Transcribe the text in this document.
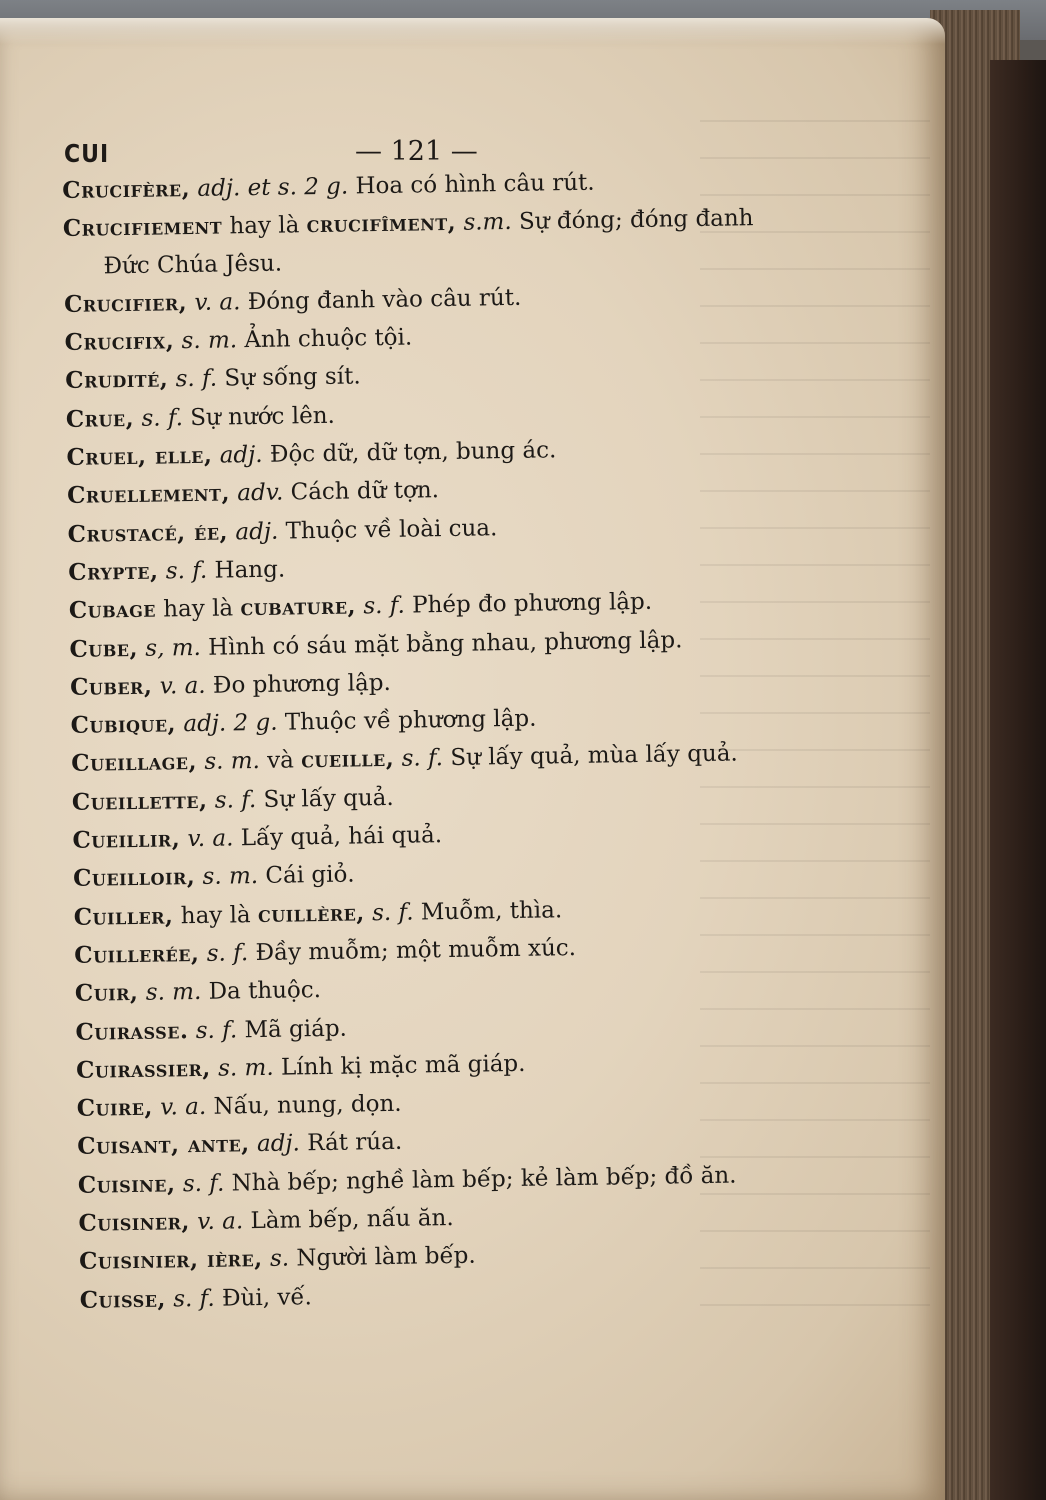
CUI	— 121 —
Crucifère, adj. et s. 2 g. Hoa có hình câu rút.
Crucifiement hay là crucifîment, s.m. Sự đóng; đóng đanh
Đức Chúa Jêsu.
Crucifier, v. a. Đóng đanh vào câu rút.
Crucifix, s. m. Ảnh chuộc tội.
Crudité, s. f. Sự sống sít.
Crue, s. f. Sự nước lên.
Cruel, elle, adj. Độc dữ, dữ tợn, bung ác.
Cruellement, adv. Cách dữ tợn.
Crustacé, ée, adj. Thuộc về loài cua.
Crypte, s. f. Hang.
Cubage hay là cubature, s. f. Phép đo phương lập.
Cube, s, m. Hình có sáu mặt bằng nhau, phương lập.
Cuber, v. a. Đo phương lập.
Cubique, adj. 2 g. Thuộc về phương lập.
Cueillage, s. m. và cueille, s. f. Sự lấy quả, mùa lấy quả.
Cueillette, s. f. Sự lấy quả.
Cueillir, v. a. Lấy quả, hái quả.
Cueilloir, s. m. Cái giỏ.
Cuiller, hay là cuillère, s. f. Muỗm, thìa.
Cuillerée, s. f. Đầy muỗm; một muỗm xúc.
Cuir, s. m. Da thuộc.
Cuirasse. s. f. Mã giáp.
Cuirassier, s. m. Lính kị mặc mã giáp.
Cuire, v. a. Nấu, nung, dọn.
Cuisant, ante, adj. Rát rúa.
Cuisine, s. f. Nhà bếp; nghề làm bếp; kẻ làm bếp; đồ ăn.
Cuisiner, v. a. Làm bếp, nấu ăn.
Cuisinier, ière, s. Người làm bếp.
Cuisse, s. f. Đùi, vế.
